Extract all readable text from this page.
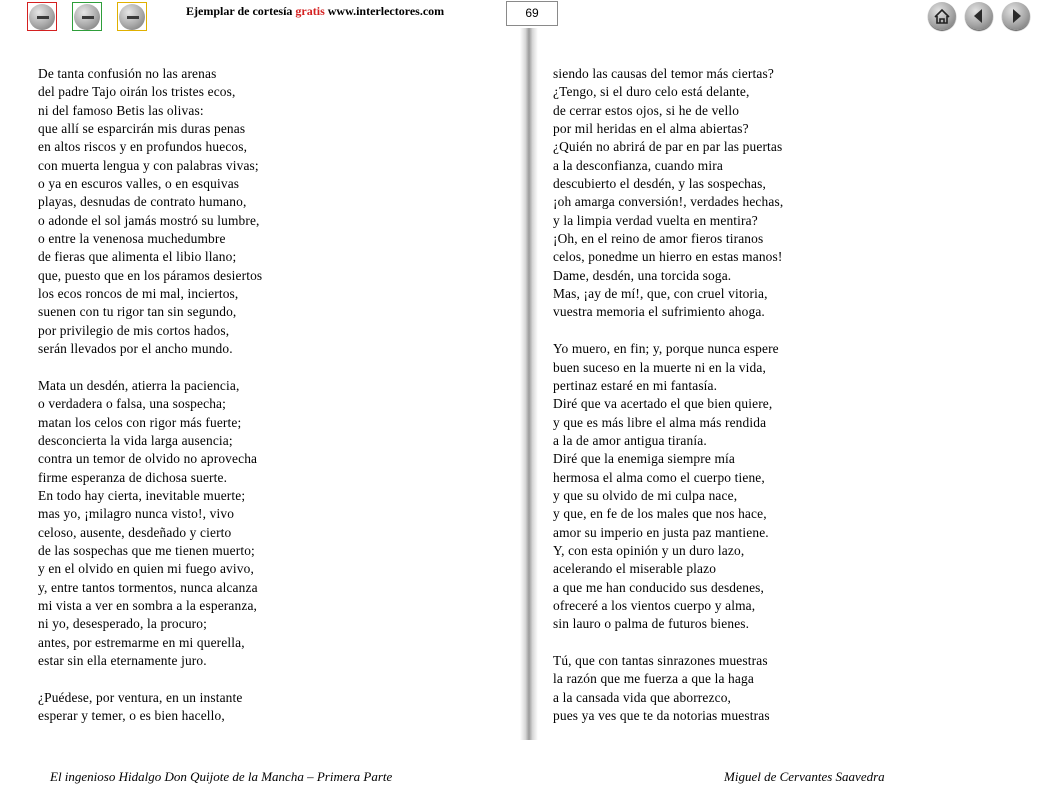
Ejemplar de cortesía gratis www.interlectores.com	69
De tanta confusión no las arenas
del padre Tajo oirán los tristes ecos,
ni del famoso Betis las olivas:
que allí se esparcirán mis duras penas
en altos riscos y en profundos huecos,
con muerta lengua y con palabras vivas;
o ya en escuros valles, o en esquivas
playas, desnudas de contrato humano,
o adonde el sol jamás mostró su lumbre,
o entre la venenosa muchedumbre
de fieras que alimenta el libio llano;
que, puesto que en los páramos desiertos
los ecos roncos de mi mal, inciertos,
suenen con tu rigor tan sin segundo,
por privilegio de mis cortos hados,
serán llevados por el ancho mundo.
Mata un desdén, atierra la paciencia,
o verdadera o falsa, una sospecha;
matan los celos con rigor más fuerte;
desconcierta la vida larga ausencia;
contra un temor de olvido no aprovecha
firme esperanza de dichosa suerte.
En todo hay cierta, inevitable muerte;
mas yo, ¡milagro nunca visto!, vivo
celoso, ausente, desdeñado y cierto
de las sospechas que me tienen muerto;
y en el olvido en quien mi fuego avivo,
y, entre tantos tormentos, nunca alcanza
mi vista a ver en sombra a la esperanza,
ni yo, desesperado, la procuro;
antes, por estremarme en mi querella,
estar sin ella eternamente juro.
¿Puédese, por ventura, en un instante
esperar y temer, o es bien hacello,
siendo las causas del temor más ciertas?
¿Tengo, si el duro celo está delante,
de cerrar estos ojos, si he de vello
por mil heridas en el alma abiertas?
¿Quién no abrirá de par en par las puertas
a la desconfianza, cuando mira
descubierto el desdén, y las sospechas,
¡oh amarga conversión!, verdades hechas,
y la limpia verdad vuelta en mentira?
¡Oh, en el reino de amor fieros tiranos
celos, ponedme un hierro en estas manos!
Dame, desdén, una torcida soga.
Mas, ¡ay de mí!, que, con cruel vitoria,
vuestra memoria el sufrimiento ahoga.
Yo muero, en fin; y, porque nunca espere
buen suceso en la muerte ni en la vida,
pertinaz estaré en mi fantasía.
Diré que va acertado el que bien quiere,
y que es más libre el alma más rendida
a la de amor antigua tiranía.
Diré que la enemiga siempre mía
hermosa el alma como el cuerpo tiene,
y que su olvido de mi culpa nace,
y que, en fe de los males que nos hace,
amor su imperio en justa paz mantiene.
Y, con esta opinión y un duro lazo,
acelerando el miserable plazo
a que me han conducido sus desdenes,
ofreceré a los vientos cuerpo y alma,
sin lauro o palma de futuros bienes.
Tú, que con tantas sinrazones muestras
la razón que me fuerza a que la haga
a la cansada vida que aborrezco,
pues ya ves que te da notorias muestras
El ingenioso Hidalgo Don Quijote de la Mancha – Primera Parte	Miguel de Cervantes Saavedra
